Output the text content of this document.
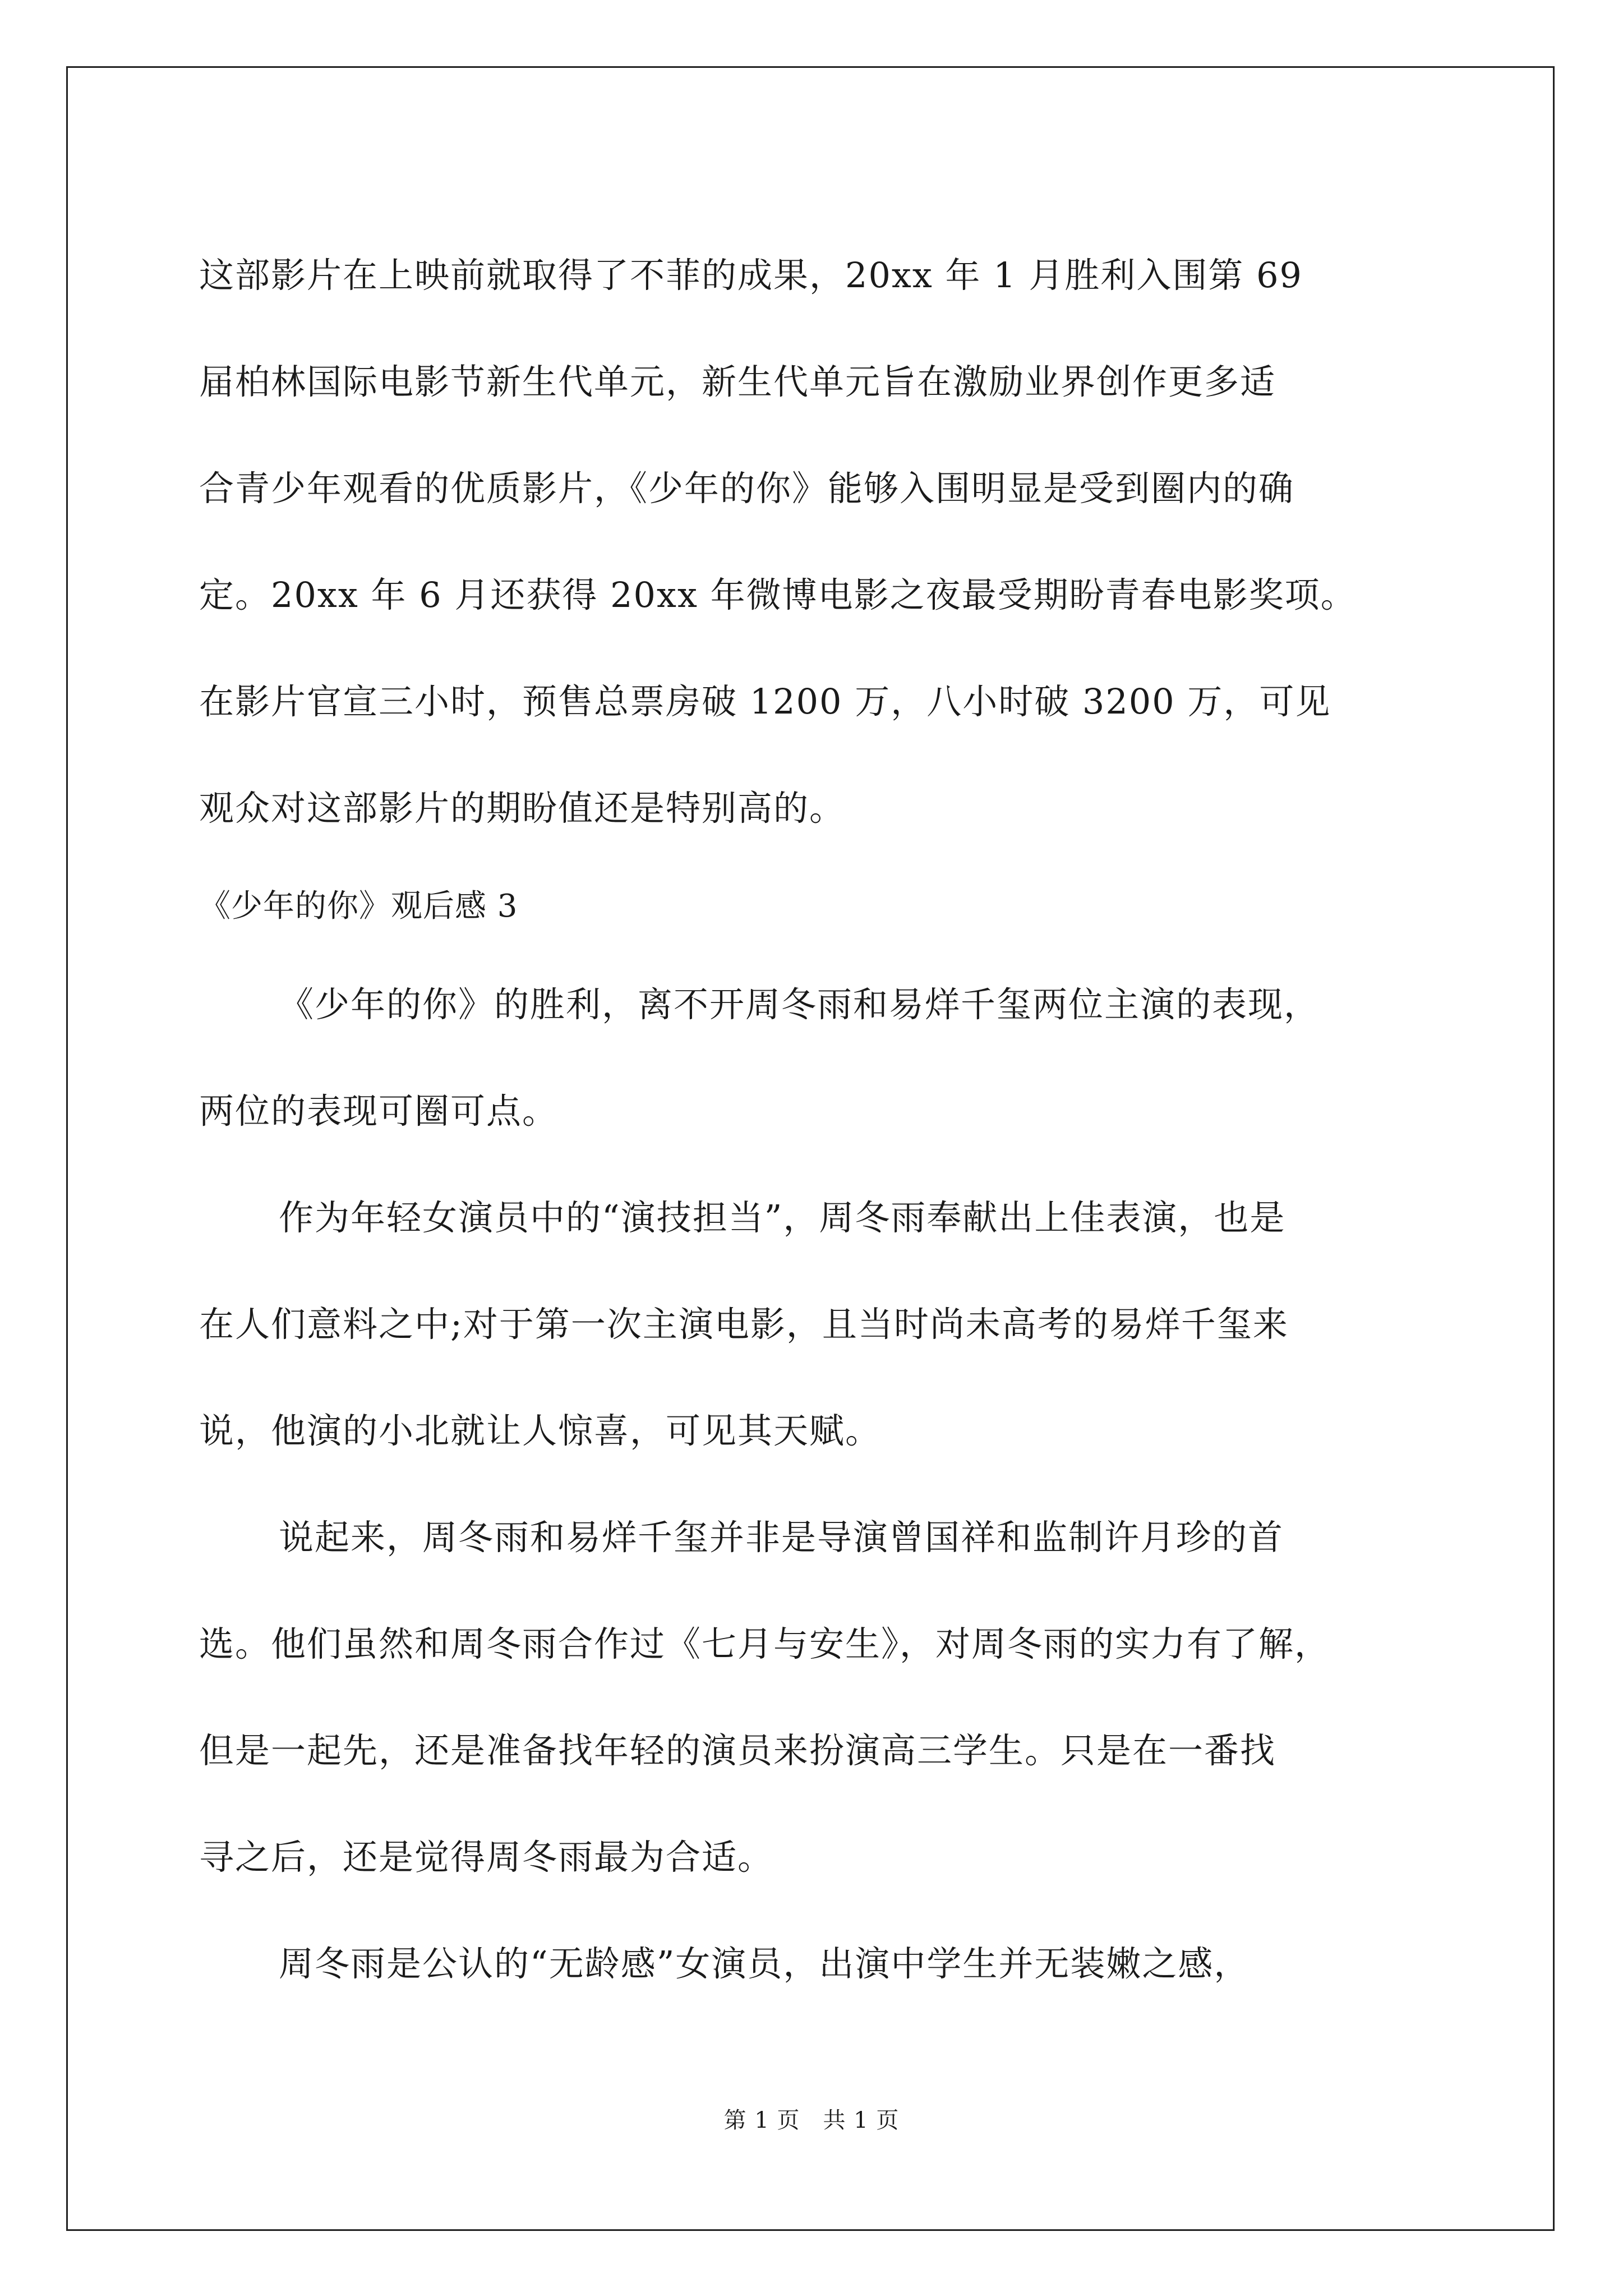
这部影片在上映前就取得了不菲的成果，20xx 年 1 月胜利入围第 69
届柏林国际电影节新生代单元，新生代单元旨在激励业界创作更多适
合青少年观看的优质影片，《少年的你》能够入围明显是受到圈内的确
定。20xx 年 6 月还获得 20xx 年微博电影之夜最受期盼青春电影奖项。
在影片官宣三小时，预售总票房破 1200 万，八小时破 3200 万，可见
观众对这部影片的期盼值还是特别高的。
《少年的你》观后感 3
《少年的你》的胜利，离不开周冬雨和易烊千玺两位主演的表现，
两位的表现可圈可点。
作为年轻女演员中的“演技担当”，周冬雨奉献出上佳表演，也是
在人们意料之中;对于第一次主演电影，且当时尚未高考的易烊千玺来
说，他演的小北就让人惊喜，可见其天赋。
说起来，周冬雨和易烊千玺并非是导演曾国祥和监制许月珍的首
选。他们虽然和周冬雨合作过《七月与安生》，对周冬雨的实力有了解，
但是一起先，还是准备找年轻的演员来扮演高三学生。只是在一番找
寻之后，还是觉得周冬雨最为合适。
周冬雨是公认的“无龄感”女演员，出演中学生并无装嫩之感，
第 1 页　共 1 页
